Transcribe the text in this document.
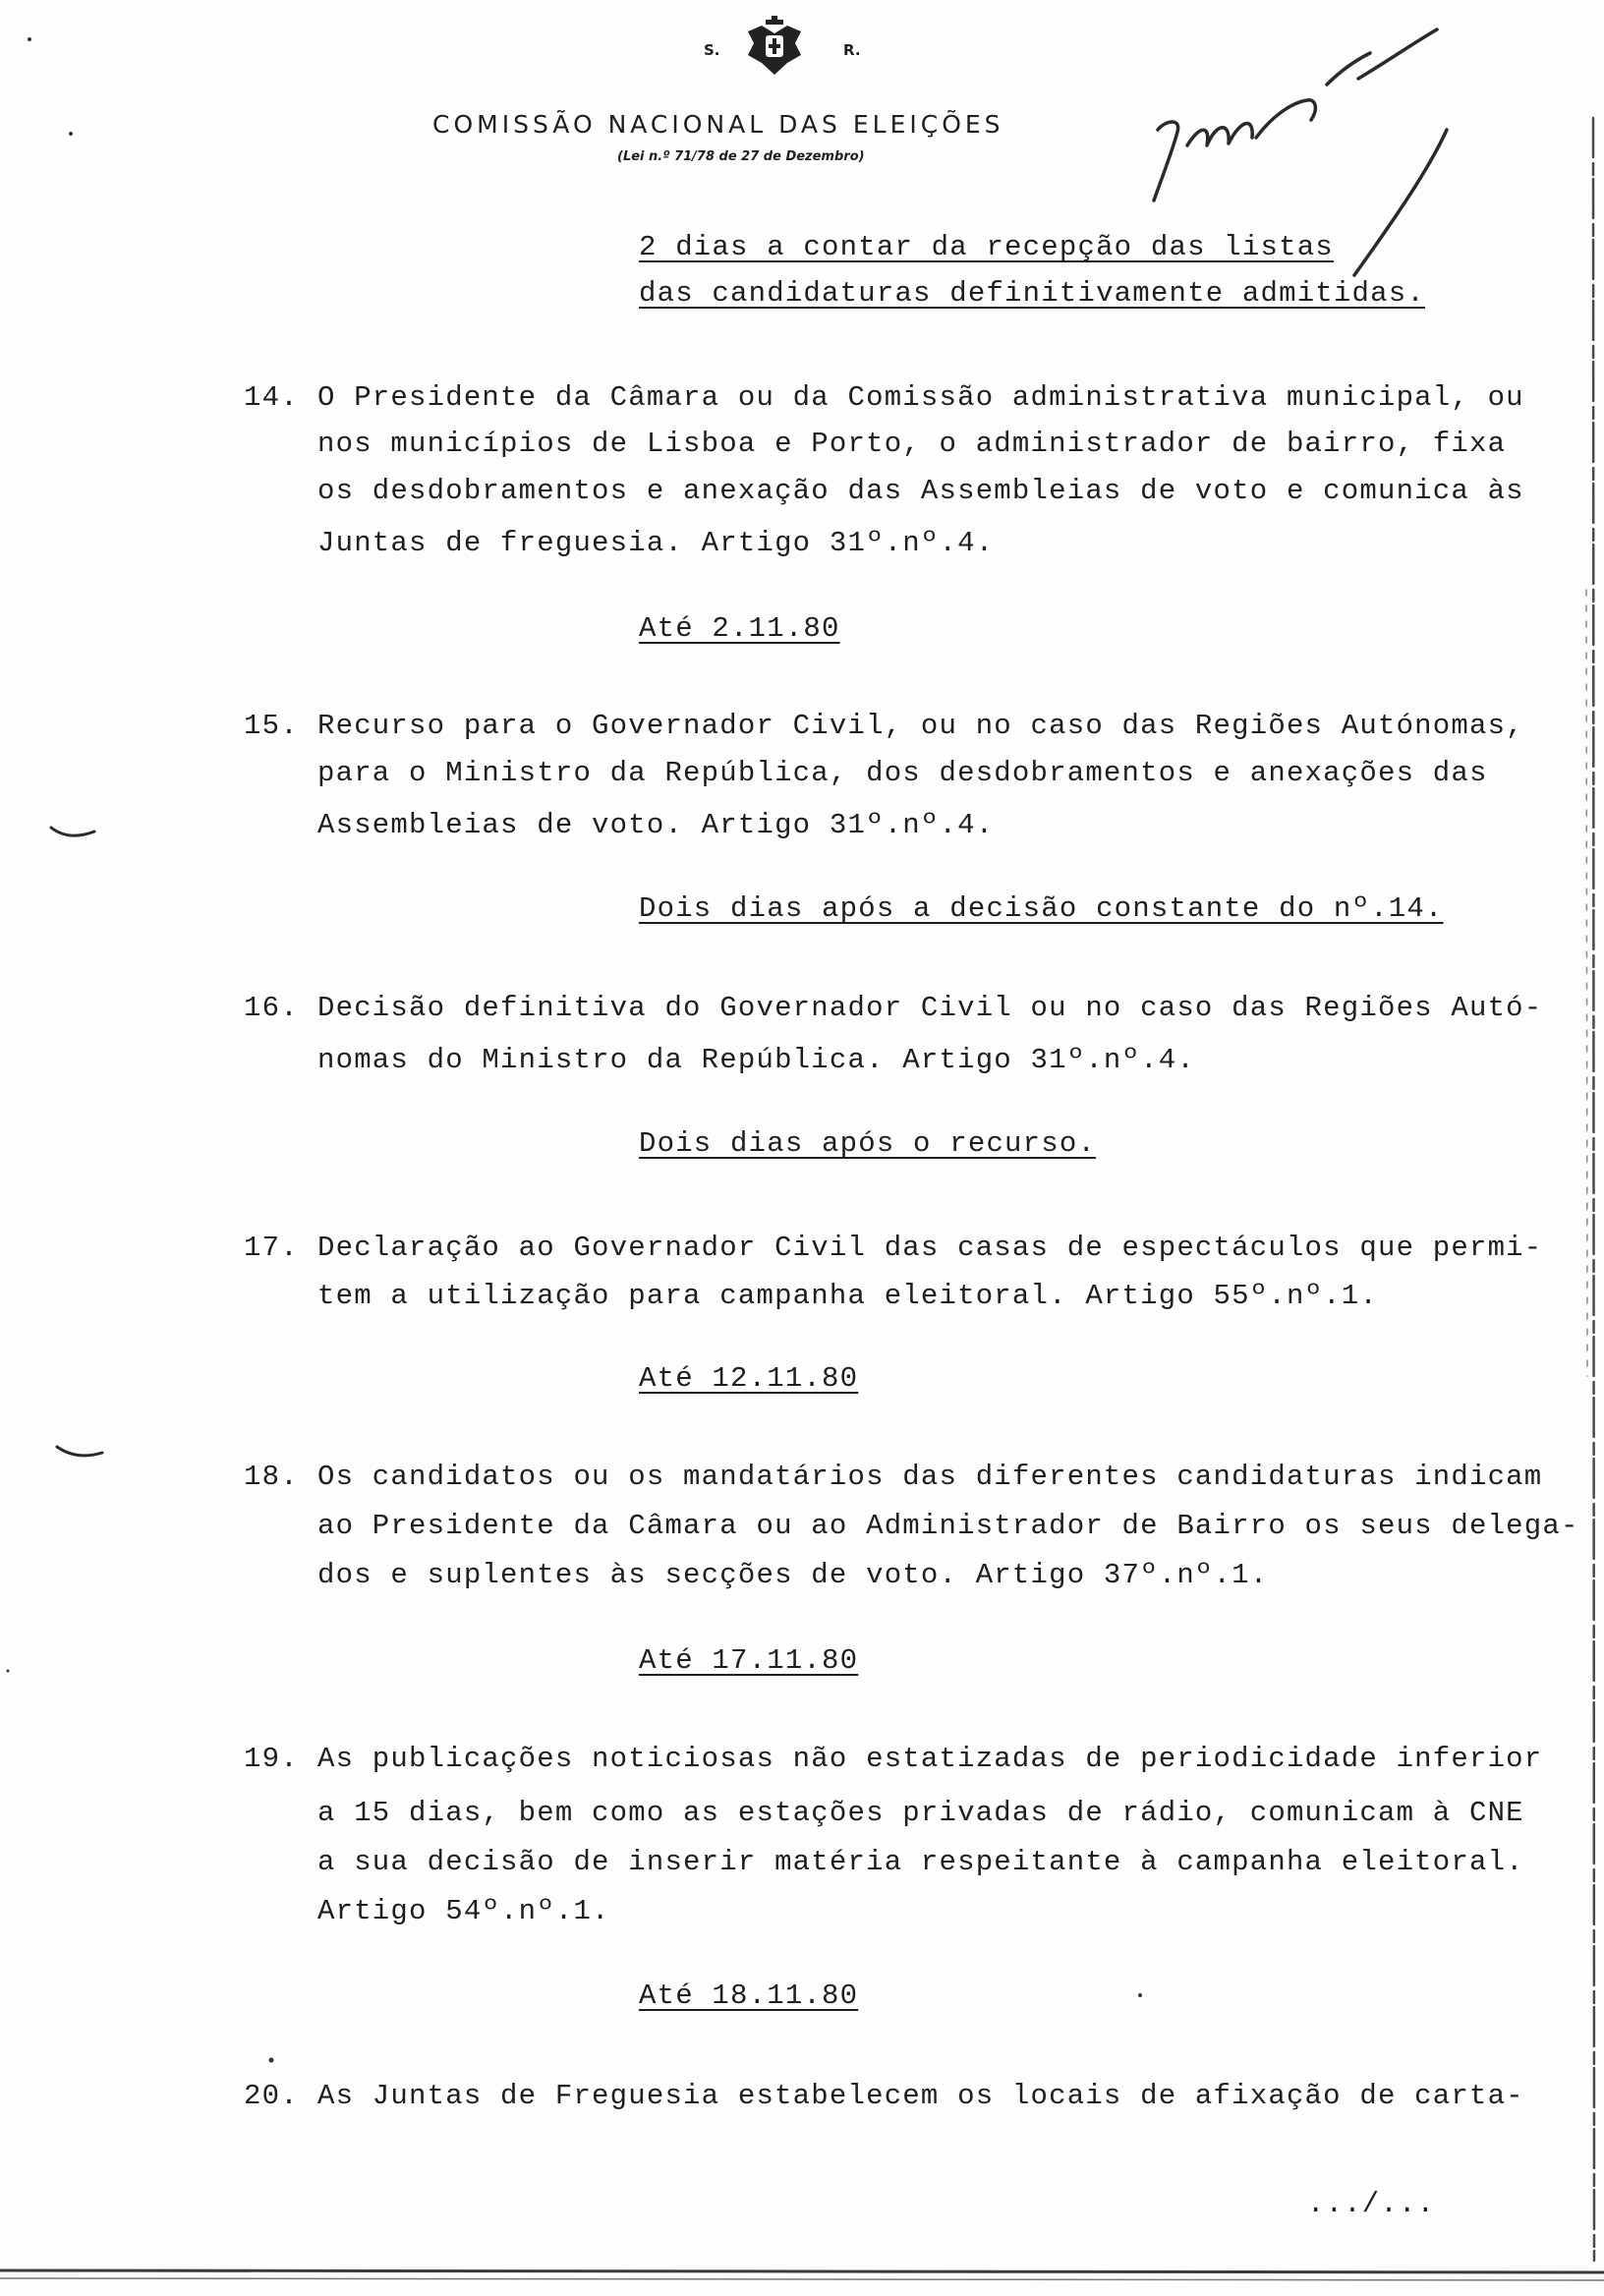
S.	R.
COMISSÃO NACIONAL DAS ELEIÇÕES
(Lei n.º 71/78 de 27 de Dezembro)
2 dias a contar da recepção das listas
das candidaturas definitivamente admitidas.
14. O Presidente da Câmara ou da Comissão administrativa municipal, ou
nos municípios de Lisboa e Porto, o administrador de bairro, fixa
os desdobramentos e anexação das Assembleias de voto e comunica às
Juntas de freguesia. Artigo 31º.nº.4.
Até 2.11.80
15. Recurso para o Governador Civil, ou no caso das Regiões Autónomas,
para o Ministro da República, dos desdobramentos e anexações das
Assembleias de voto. Artigo 31º.nº.4.
Dois dias após a decisão constante do nº.14.
16. Decisão definitiva do Governador Civil ou no caso das Regiões Autó-
nomas do Ministro da República. Artigo 31º.nº.4.
Dois dias após o recurso.
17. Declaração ao Governador Civil das casas de espectáculos que permi-
tem a utilização para campanha eleitoral. Artigo 55º.nº.1.
Até 12.11.80
18. Os candidatos ou os mandatários das diferentes candidaturas indicam
ao Presidente da Câmara ou ao Administrador de Bairro os seus delega-
dos e suplentes às secções de voto. Artigo 37º.nº.1.
Até 17.11.80
19. As publicações noticiosas não estatizadas de periodicidade inferior
a 15 dias, bem como as estações privadas de rádio, comunicam à CNE
a sua decisão de inserir matéria respeitante à campanha eleitoral.
Artigo 54º.nº.1.
Até 18.11.80
20. As Juntas de Freguesia estabelecem os locais de afixação de carta-
.../...
